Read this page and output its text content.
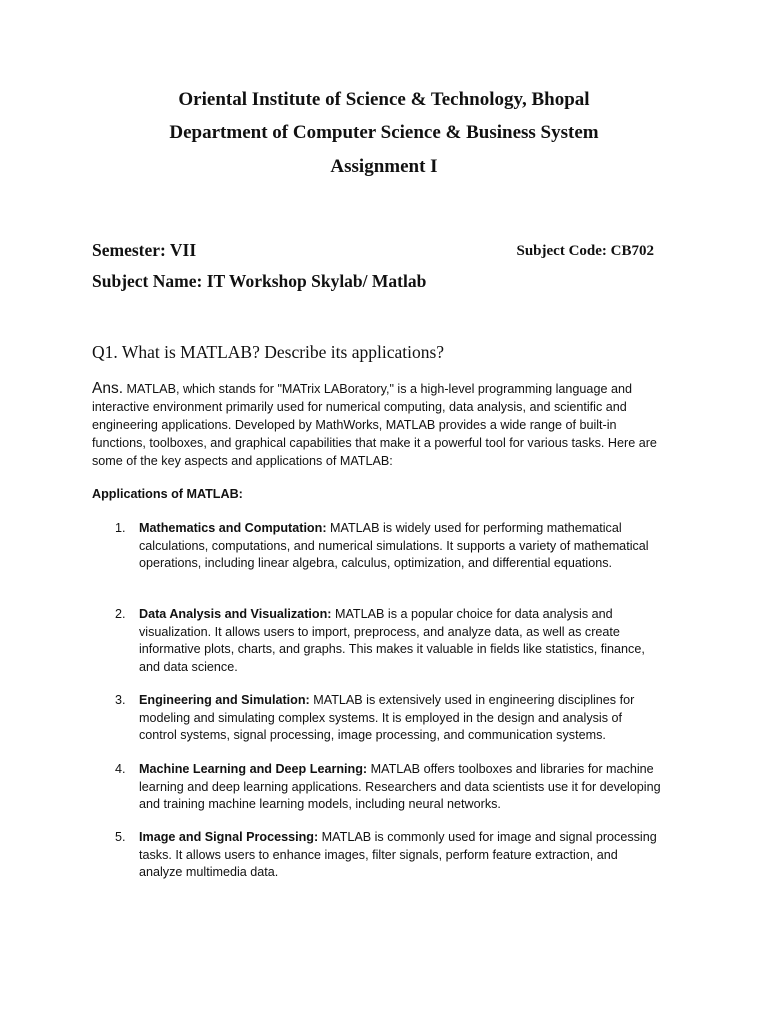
Oriental Institute of Science & Technology, Bhopal
Department of Computer Science & Business System
Assignment I
Semester: VII	Subject Code: CB702
Subject Name: IT Workshop Skylab/ Matlab
Q1. What is MATLAB? Describe its applications?
Ans. MATLAB, which stands for "MATrix LABoratory," is a high-level programming language and interactive environment primarily used for numerical computing, data analysis, and scientific and engineering applications. Developed by MathWorks, MATLAB provides a wide range of built-in functions, toolboxes, and graphical capabilities that make it a powerful tool for various tasks. Here are some of the key aspects and applications of MATLAB:
Applications of MATLAB:
1.	Mathematics and Computation: MATLAB is widely used for performing mathematical calculations, computations, and numerical simulations. It supports a variety of mathematical operations, including linear algebra, calculus, optimization, and differential equations.
2.	Data Analysis and Visualization: MATLAB is a popular choice for data analysis and visualization. It allows users to import, preprocess, and analyze data, as well as create informative plots, charts, and graphs. This makes it valuable in fields like statistics, finance, and data science.
3.	Engineering and Simulation: MATLAB is extensively used in engineering disciplines for modeling and simulating complex systems. It is employed in the design and analysis of control systems, signal processing, image processing, and communication systems.
4.	Machine Learning and Deep Learning: MATLAB offers toolboxes and libraries for machine learning and deep learning applications. Researchers and data scientists use it for developing and training machine learning models, including neural networks.
5.	Image and Signal Processing: MATLAB is commonly used for image and signal processing tasks. It allows users to enhance images, filter signals, perform feature extraction, and analyze multimedia data.
